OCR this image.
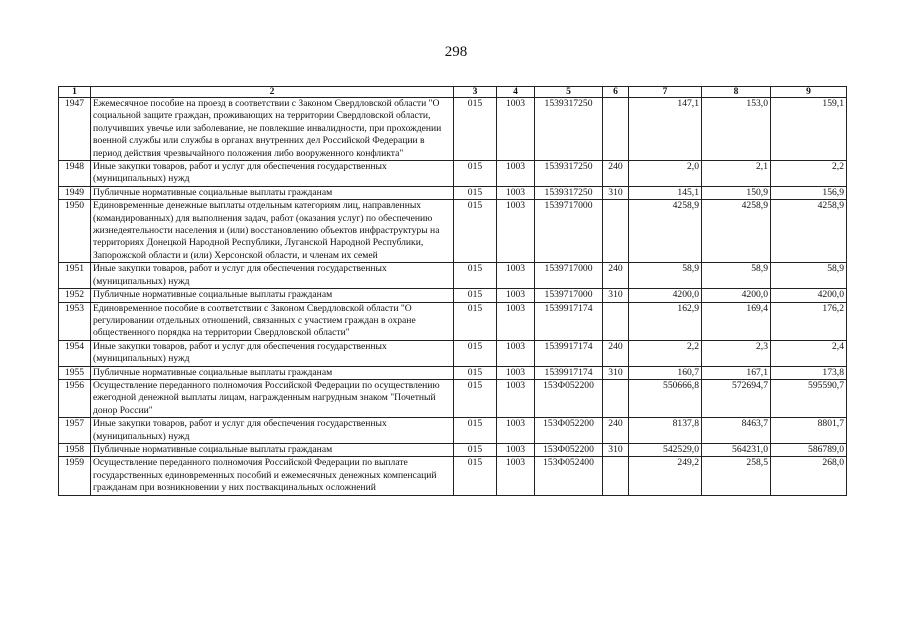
298
1	2	3	4	5	6	7	8	9
1947	Ежемесячное пособие на проезд в соответствии с Законом Свердловской области "О социальной защите граждан, проживающих на территории Свердловской области, получивших увечье или заболевание, не повлекшие инвалидности, при прохождении военной службы или службы в органах внутренних дел Российской Федерации в период действия чрезвычайного положения либо вооруженного конфликта"	015	1003	1539317250		147,1	153,0	159,1
1948	Иные закупки товаров, работ и услуг для обеспечения государственных (муниципальных) нужд	015	1003	1539317250	240	2,0	2,1	2,2
1949	Публичные нормативные социальные выплаты гражданам	015	1003	1539317250	310	145,1	150,9	156,9
1950	Единовременные денежные выплаты отдельным категориям лиц, направленных (командированных) для выполнения задач, работ (оказания услуг) по обеспечению жизнедеятельности населения и (или) восстановлению объектов инфраструктуры на территориях Донецкой Народной Республики, Луганской Народной Республики, Запорожской области и (или) Херсонской области, и членам их семей	015	1003	1539717000		4258,9	4258,9	4258,9
1951	Иные закупки товаров, работ и услуг для обеспечения государственных (муниципальных) нужд	015	1003	1539717000	240	58,9	58,9	58,9
1952	Публичные нормативные социальные выплаты гражданам	015	1003	1539717000	310	4200,0	4200,0	4200,0
1953	Единовременное пособие в соответствии с Законом Свердловской области "О регулировании отдельных отношений, связанных с участием граждан в охране общественного порядка на территории Свердловской области"	015	1003	1539917174		162,9	169,4	176,2
1954	Иные закупки товаров, работ и услуг для обеспечения государственных (муниципальных) нужд	015	1003	1539917174	240	2,2	2,3	2,4
1955	Публичные нормативные социальные выплаты гражданам	015	1003	1539917174	310	160,7	167,1	173,8
1956	Осуществление переданного полномочия Российской Федерации по осуществлению ежегодной денежной выплаты лицам, награжденным нагрудным знаком "Почетный донор России"	015	1003	153Ф052200		550666,8	572694,7	595590,7
1957	Иные закупки товаров, работ и услуг для обеспечения государственных (муниципальных) нужд	015	1003	153Ф052200	240	8137,8	8463,7	8801,7
1958	Публичные нормативные социальные выплаты гражданам	015	1003	153Ф052200	310	542529,0	564231,0	586789,0
1959	Осуществление переданного полномочия Российской Федерации по выплате государственных единовременных пособий и ежемесячных денежных компенсаций гражданам при возникновении у них поствакцинальных осложнений	015	1003	153Ф052400		249,2	258,5	268,0
